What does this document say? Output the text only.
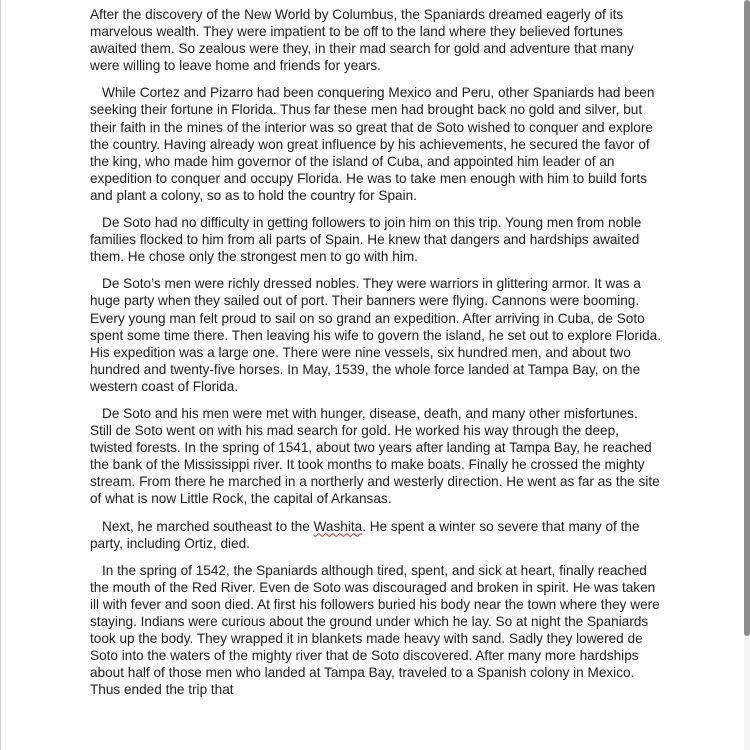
After the discovery of the New World by Columbus, the Spaniards dreamed eagerly of its marvelous wealth. They were impatient to be off to the land where they believed fortunes awaited them. So zealous were they, in their mad search for gold and adventure that many were willing to leave home and friends for years.

While Cortez and Pizarro had been conquering Mexico and Peru, other Spaniards had been seeking their fortune in Florida. Thus far these men had brought back no gold and silver, but their faith in the mines of the interior was so great that de Soto wished to conquer and explore the country. Having already won great influence by his achievements, he secured the favor of the king, who made him governor of the island of Cuba, and appointed him leader of an expedition to conquer and occupy Florida. He was to take men enough with him to build forts and plant a colony, so as to hold the country for Spain.

De Soto had no difficulty in getting followers to join him on this trip. Young men from noble families flocked to him from all parts of Spain. He knew that dangers and hardships awaited them. He chose only the strongest men to go with him.

De Soto’s men were richly dressed nobles. They were warriors in glittering armor. It was a huge party when they sailed out of port. Their banners were flying. Cannons were booming. Every young man felt proud to sail on so grand an expedition. After arriving in Cuba, de Soto spent some time there. Then leaving his wife to govern the island, he set out to explore Florida. His expedition was a large one. There were nine vessels, six hundred men, and about two hundred and twenty-five horses. In May, 1539, the whole force landed at Tampa Bay, on the western coast of Florida.

De Soto and his men were met with hunger, disease, death, and many other misfortunes. Still de Soto went on with his mad search for gold. He worked his way through the deep, twisted forests. In the spring of 1541, about two years after landing at Tampa Bay, he reached the bank of the Mississippi river. It took months to make boats. Finally he crossed the mighty stream. From there he marched in a northerly and westerly direction. He went as far as the site of what is now Little Rock, the capital of Arkansas.

Next, he marched southeast to the Washita. He spent a winter so severe that many of the party, including Ortiz, died.

In the spring of 1542, the Spaniards although tired, spent, and sick at heart, finally reached the mouth of the Red River. Even de Soto was discouraged and broken in spirit. He was taken ill with fever and soon died. At first his followers buried his body near the town where they were staying. Indians were curious about the ground under which he lay. So at night the Spaniards took up the body. They wrapped it in blankets made heavy with sand. Sadly they lowered de Soto into the waters of the mighty river that de Soto discovered. After many more hardships about half of those men who landed at Tampa Bay, traveled to a Spanish colony in Mexico. Thus ended the trip that
